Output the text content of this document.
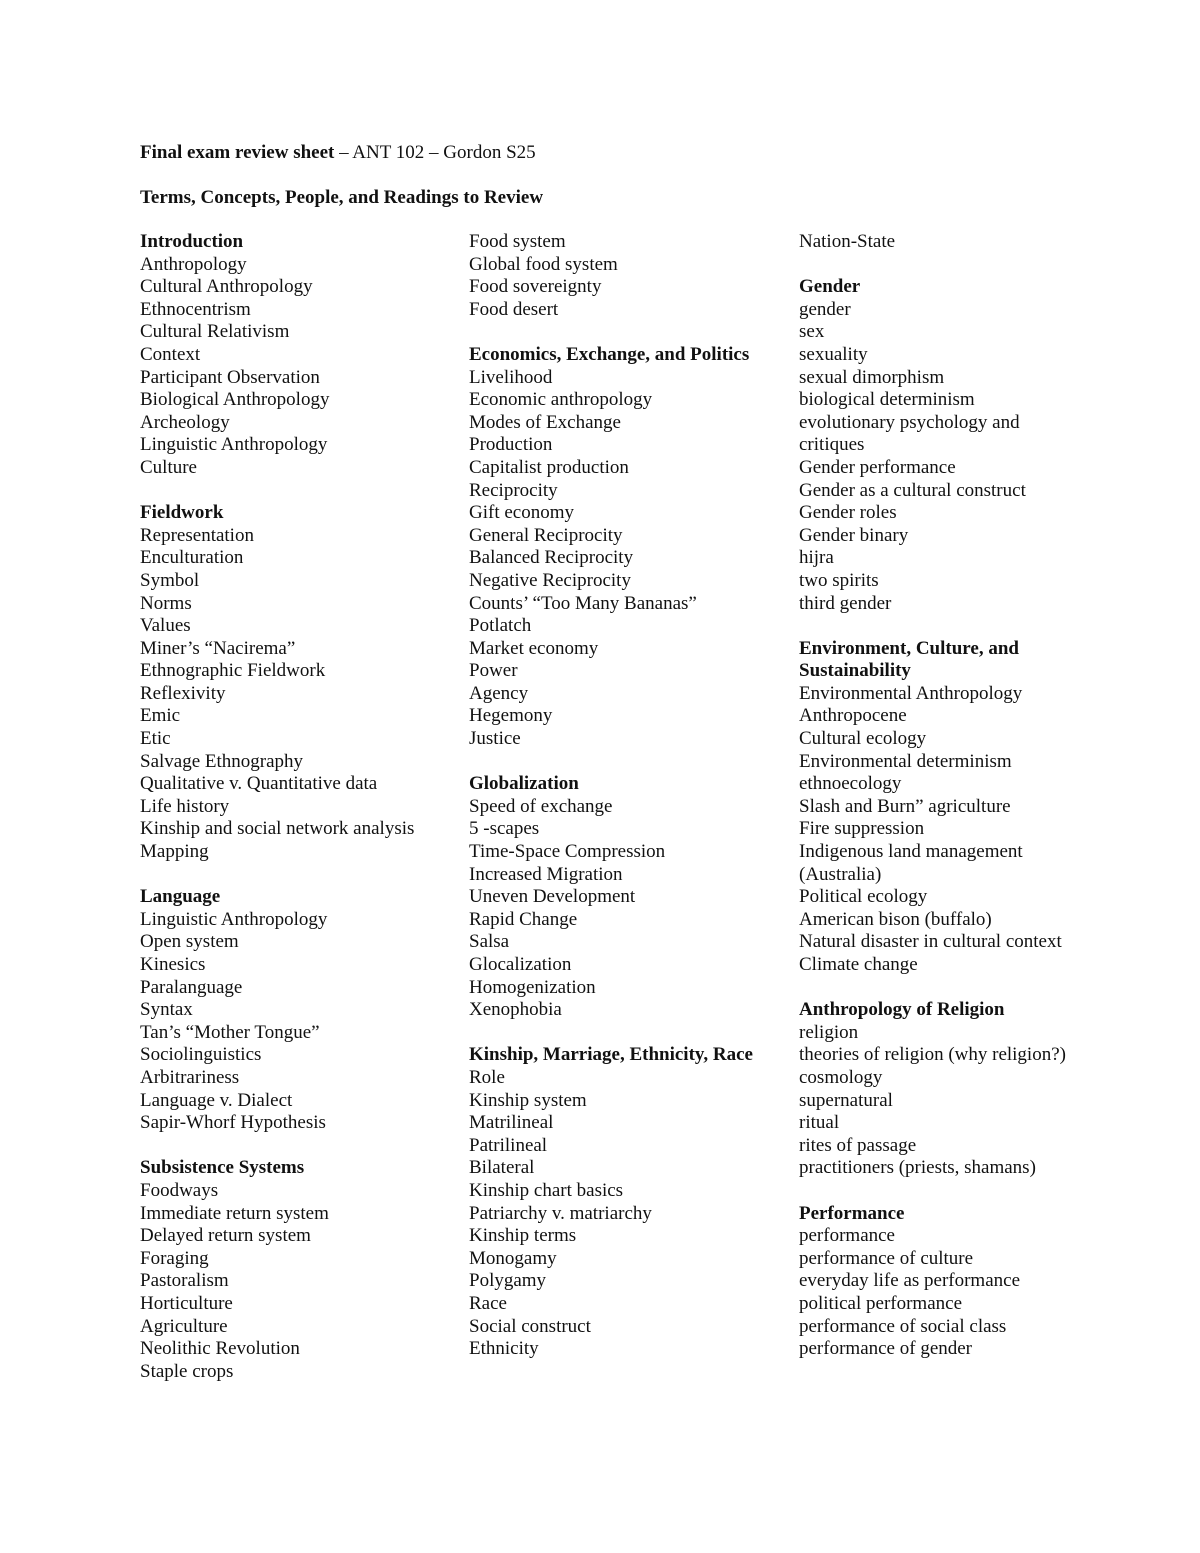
Final exam review sheet – ANT 102 – Gordon S25
Terms, Concepts, People, and Readings to Review
Introduction
Anthropology
Cultural Anthropology
Ethnocentrism
Cultural Relativism
Context
Participant Observation
Biological Anthropology
Archeology
Linguistic Anthropology
Culture
Fieldwork
Representation
Enculturation
Symbol
Norms
Values
Miner’s “Nacirema”
Ethnographic Fieldwork
Reflexivity
Emic
Etic
Salvage Ethnography
Qualitative v. Quantitative data
Life history
Kinship and social network analysis
Mapping
Language
Linguistic Anthropology
Open system
Kinesics
Paralanguage
Syntax
Tan’s “Mother Tongue”
Sociolinguistics
Arbitrariness
Language v. Dialect
Sapir-Whorf Hypothesis
Subsistence Systems
Foodways
Immediate return system
Delayed return system
Foraging
Pastoralism
Horticulture
Agriculture
Neolithic Revolution
Staple crops
Food system
Global food system
Food sovereignty
Food desert
Economics, Exchange, and Politics
Livelihood
Economic anthropology
Modes of Exchange
Production
Capitalist production
Reciprocity
Gift economy
General Reciprocity
Balanced Reciprocity
Negative Reciprocity
Counts’ “Too Many Bananas”
Potlatch
Market economy
Power
Agency
Hegemony
Justice
Globalization
Speed of exchange
5 -scapes
Time-Space Compression
Increased Migration
Uneven Development
Rapid Change
Salsa
Glocalization
Homogenization
Xenophobia
Kinship, Marriage, Ethnicity, Race
Role
Kinship system
Matrilineal
Patrilineal
Bilateral
Kinship chart basics
Patriarchy v. matriarchy
Kinship terms
Monogamy
Polygamy
Race
Social construct
Ethnicity
Nation-State
Gender
gender
sex
sexuality
sexual dimorphism
biological determinism
evolutionary psychology and critiques
Gender performance
Gender as a cultural construct
Gender roles
Gender binary
hijra
two spirits
third gender
Environment, Culture, and Sustainability
Environmental Anthropology
Anthropocene
Cultural ecology
Environmental determinism
ethnoecology
Slash and Burn” agriculture
Fire suppression
Indigenous land management (Australia)
Political ecology
American bison (buffalo)
Natural disaster in cultural context
Climate change
Anthropology of Religion
religion
theories of religion (why religion?)
cosmology
supernatural
ritual
rites of passage
practitioners (priests, shamans)
Performance
performance
performance of culture
everyday life as performance
political performance
performance of social class
performance of gender
